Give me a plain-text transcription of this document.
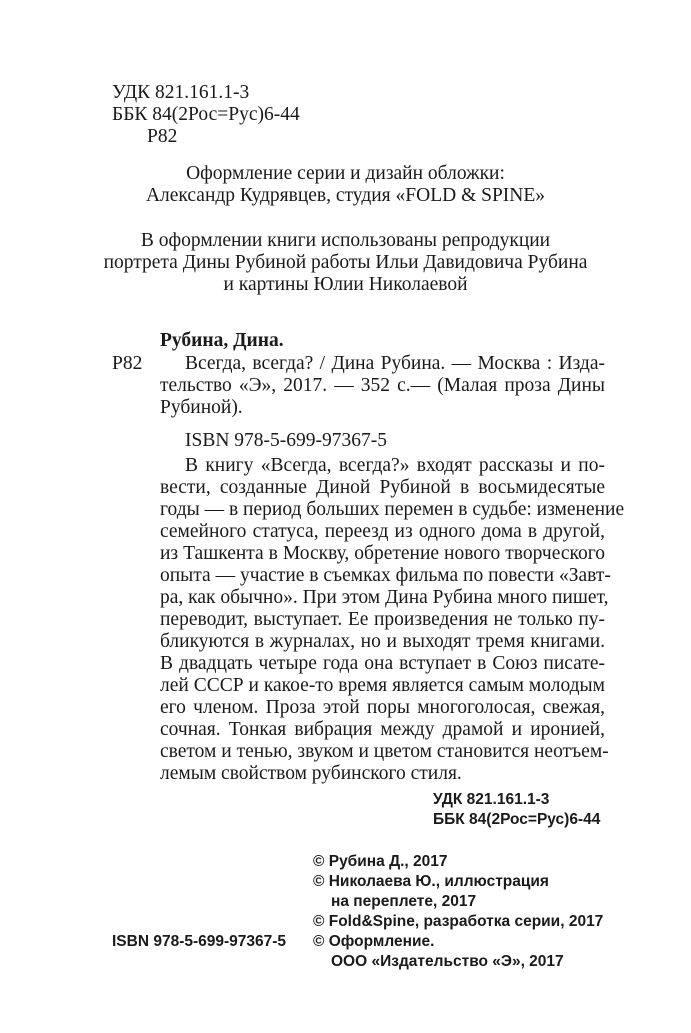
УДК 821.161.1-3
ББК 84(2Рос=Рус)6-44
Р82
Оформление серии и дизайн обложки:
Александр Кудрявцев, студия «FOLD & SPINE»
В оформлении книги использованы репродукции
портрета Дины Рубиной работы Ильи Давидовича Рубина
и картины Юлии Николаевой
Рубина, Дина.
Р82 Всегда, всегда? / Дина Рубина. — Москва : Изда-
тельство «Э», 2017. — 352 с.— (Малая проза Дины
Рубиной).
ISBN 978-5-699-97367-5
В книгу «Всегда, всегда?» входят рассказы и по-
вести, созданные Диной Рубиной в восьмидесятые
годы — в период больших перемен в судьбе: изменение
семейного статуса, переезд из одного дома в другой,
из Ташкента в Москву, обретение нового творческого
опыта — участие в съемках фильма по повести «Завт-
ра, как обычно». При этом Дина Рубина много пишет,
переводит, выступает. Ее произведения не только пу-
бликуются в журналах, но и выходят тремя книгами.
В двадцать четыре года она вступает в Союз писате-
лей СССР и какое-то время является самым молодым
его членом. Проза этой поры многоголосая, свежая,
сочная. Тонкая вибрация между драмой и иронией,
светом и тенью, звуком и цветом становится неотъем-
лемым свойством рубинского стиля.
УДК 821.161.1-3
ББК 84(2Рос=Рус)6-44
© Рубина Д., 2017
© Николаева Ю., иллюстрация
на переплете, 2017
© Fold&Spine, разработка серии, 2017
© Оформление.
ООО «Издательство «Э», 2017
ISBN 978-5-699-97367-5
